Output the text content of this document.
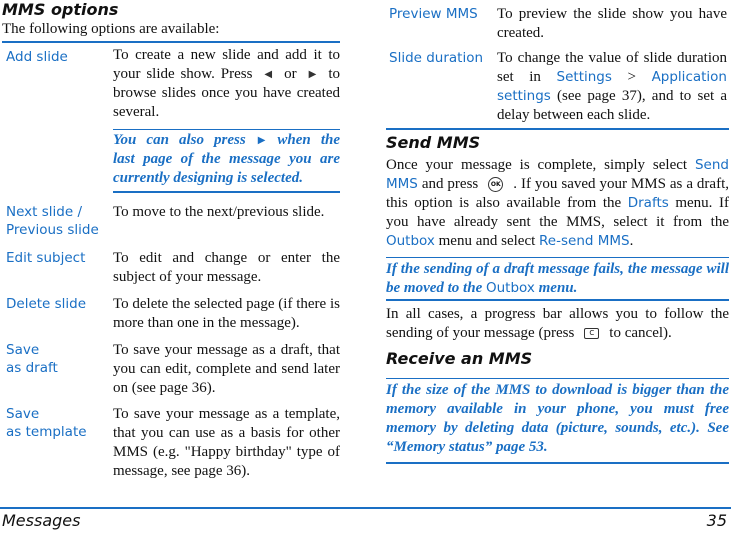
MMS options
The following options are available:
Add slide	To create a new slide and add it to your slide show. Press ◀ or ▶ to browse slides once you have created several.
You can also press ▶ when the last page of the message you are currently designing is selected.
Next slide / Previous slide
To move to the next/previous slide.
Edit subject To edit and change or enter the subject of your message.
Delete slide To delete the selected page (if there is more than one in the message).
Save
as draft
To save your message as a draft, that you can edit, complete and send later on (see page 36).
Save
as template
To save your message as a template, that you can use as a basis for other MMS (e.g. "Happy birthday" type of message, see page 36).
Preview MMS To preview the slide show you have created.
Slide duration To change the value of slide duration set in Settings > Application settings (see page 37), and to set a delay between each slide.
Send MMS
Once your message is complete, simply select Send MMS and press OK . If you saved your MMS as a draft, this option is also available from the Drafts menu. If you have already sent the MMS, select it from the Outbox menu and select Re-send MMS.
If the sending of a draft message fails, the message will be moved to the Outbox menu.
In all cases, a progress bar allows you to follow the sending of your message (press C to cancel).
Receive an MMS
If the size of the MMS to download is bigger than the memory available in your phone, you must free memory by deleting data (picture, sounds, etc.). See “Memory status” page 53.
Messages	35
